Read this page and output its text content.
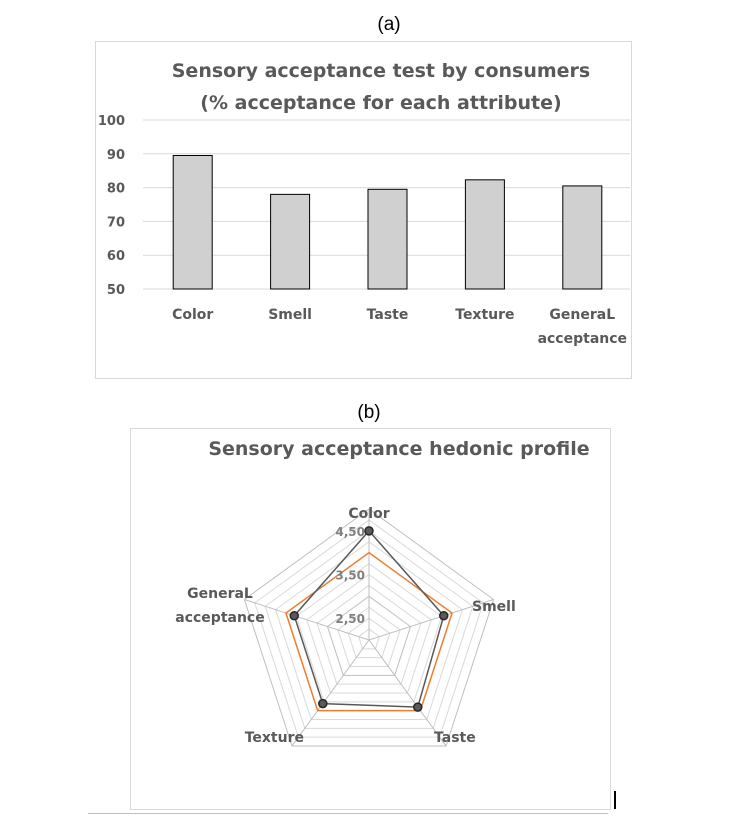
(a)
(b)
Sensory acceptance test by consumers
(% acceptance for each attribute)
50
60
70
80
90
100
Color	Smell	Taste	Texture GeneraL
acceptance
Sensory acceptance hedonic profile
4,50
3,50
2,50
Color
Smell
Taste
Texture
GeneraL
acceptance
